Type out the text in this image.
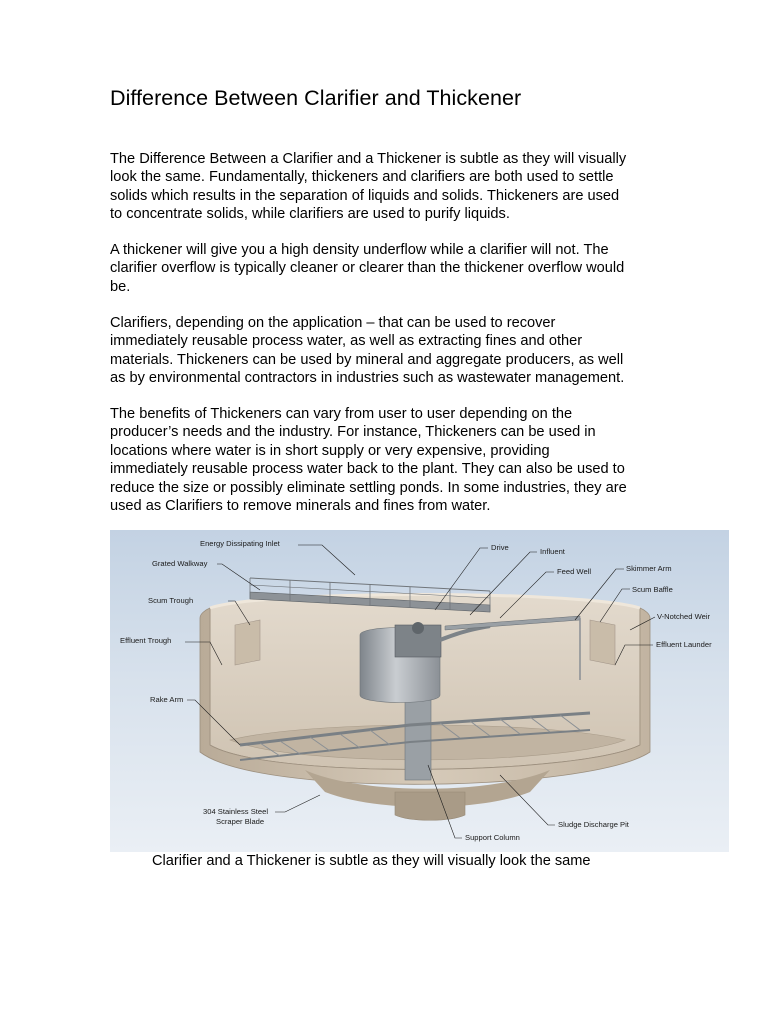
Difference Between Clarifier and Thickener

The Difference Between a Clarifier and a Thickener is subtle as they will visually
look the same. Fundamentally, thickeners and clarifiers are both used to settle
solids which results in the separation of liquids and solids. Thickeners are used
to concentrate solids, while clarifiers are used to purify liquids.

A thickener will give you a high density underflow while a clarifier will not. The
clarifier overflow is typically cleaner or clearer than the thickener overflow would
be.

Clarifiers, depending on the application – that can be used to recover
immediately reusable process water, as well as extracting fines and other
materials. Thickeners can be used by mineral and aggregate producers, as well
as by environmental contractors in industries such as wastewater management.

The benefits of Thickeners can vary from user to user depending on the
producer’s needs and the industry. For instance, Thickeners can be used in
locations where water is in short supply or very expensive, providing
immediately reusable process water back to the plant. They can also be used to
reduce the size or possibly eliminate settling ponds. In some industries, they are
used as Clarifiers to remove minerals and fines from water.

Energy Dissipating Inlet
Grated Walkway
Scum Trough
Effluent Trough
Rake Arm
304 Stainless Steel
Scraper Blade
Drive	Influent
Feed Well	Skimmer Arm
Scum Baffle
V-Notched Weir
Effluent Launder
Sludge Discharge Pit
Support Column

Clarifier and a Thickener is subtle as they will visually look the same
